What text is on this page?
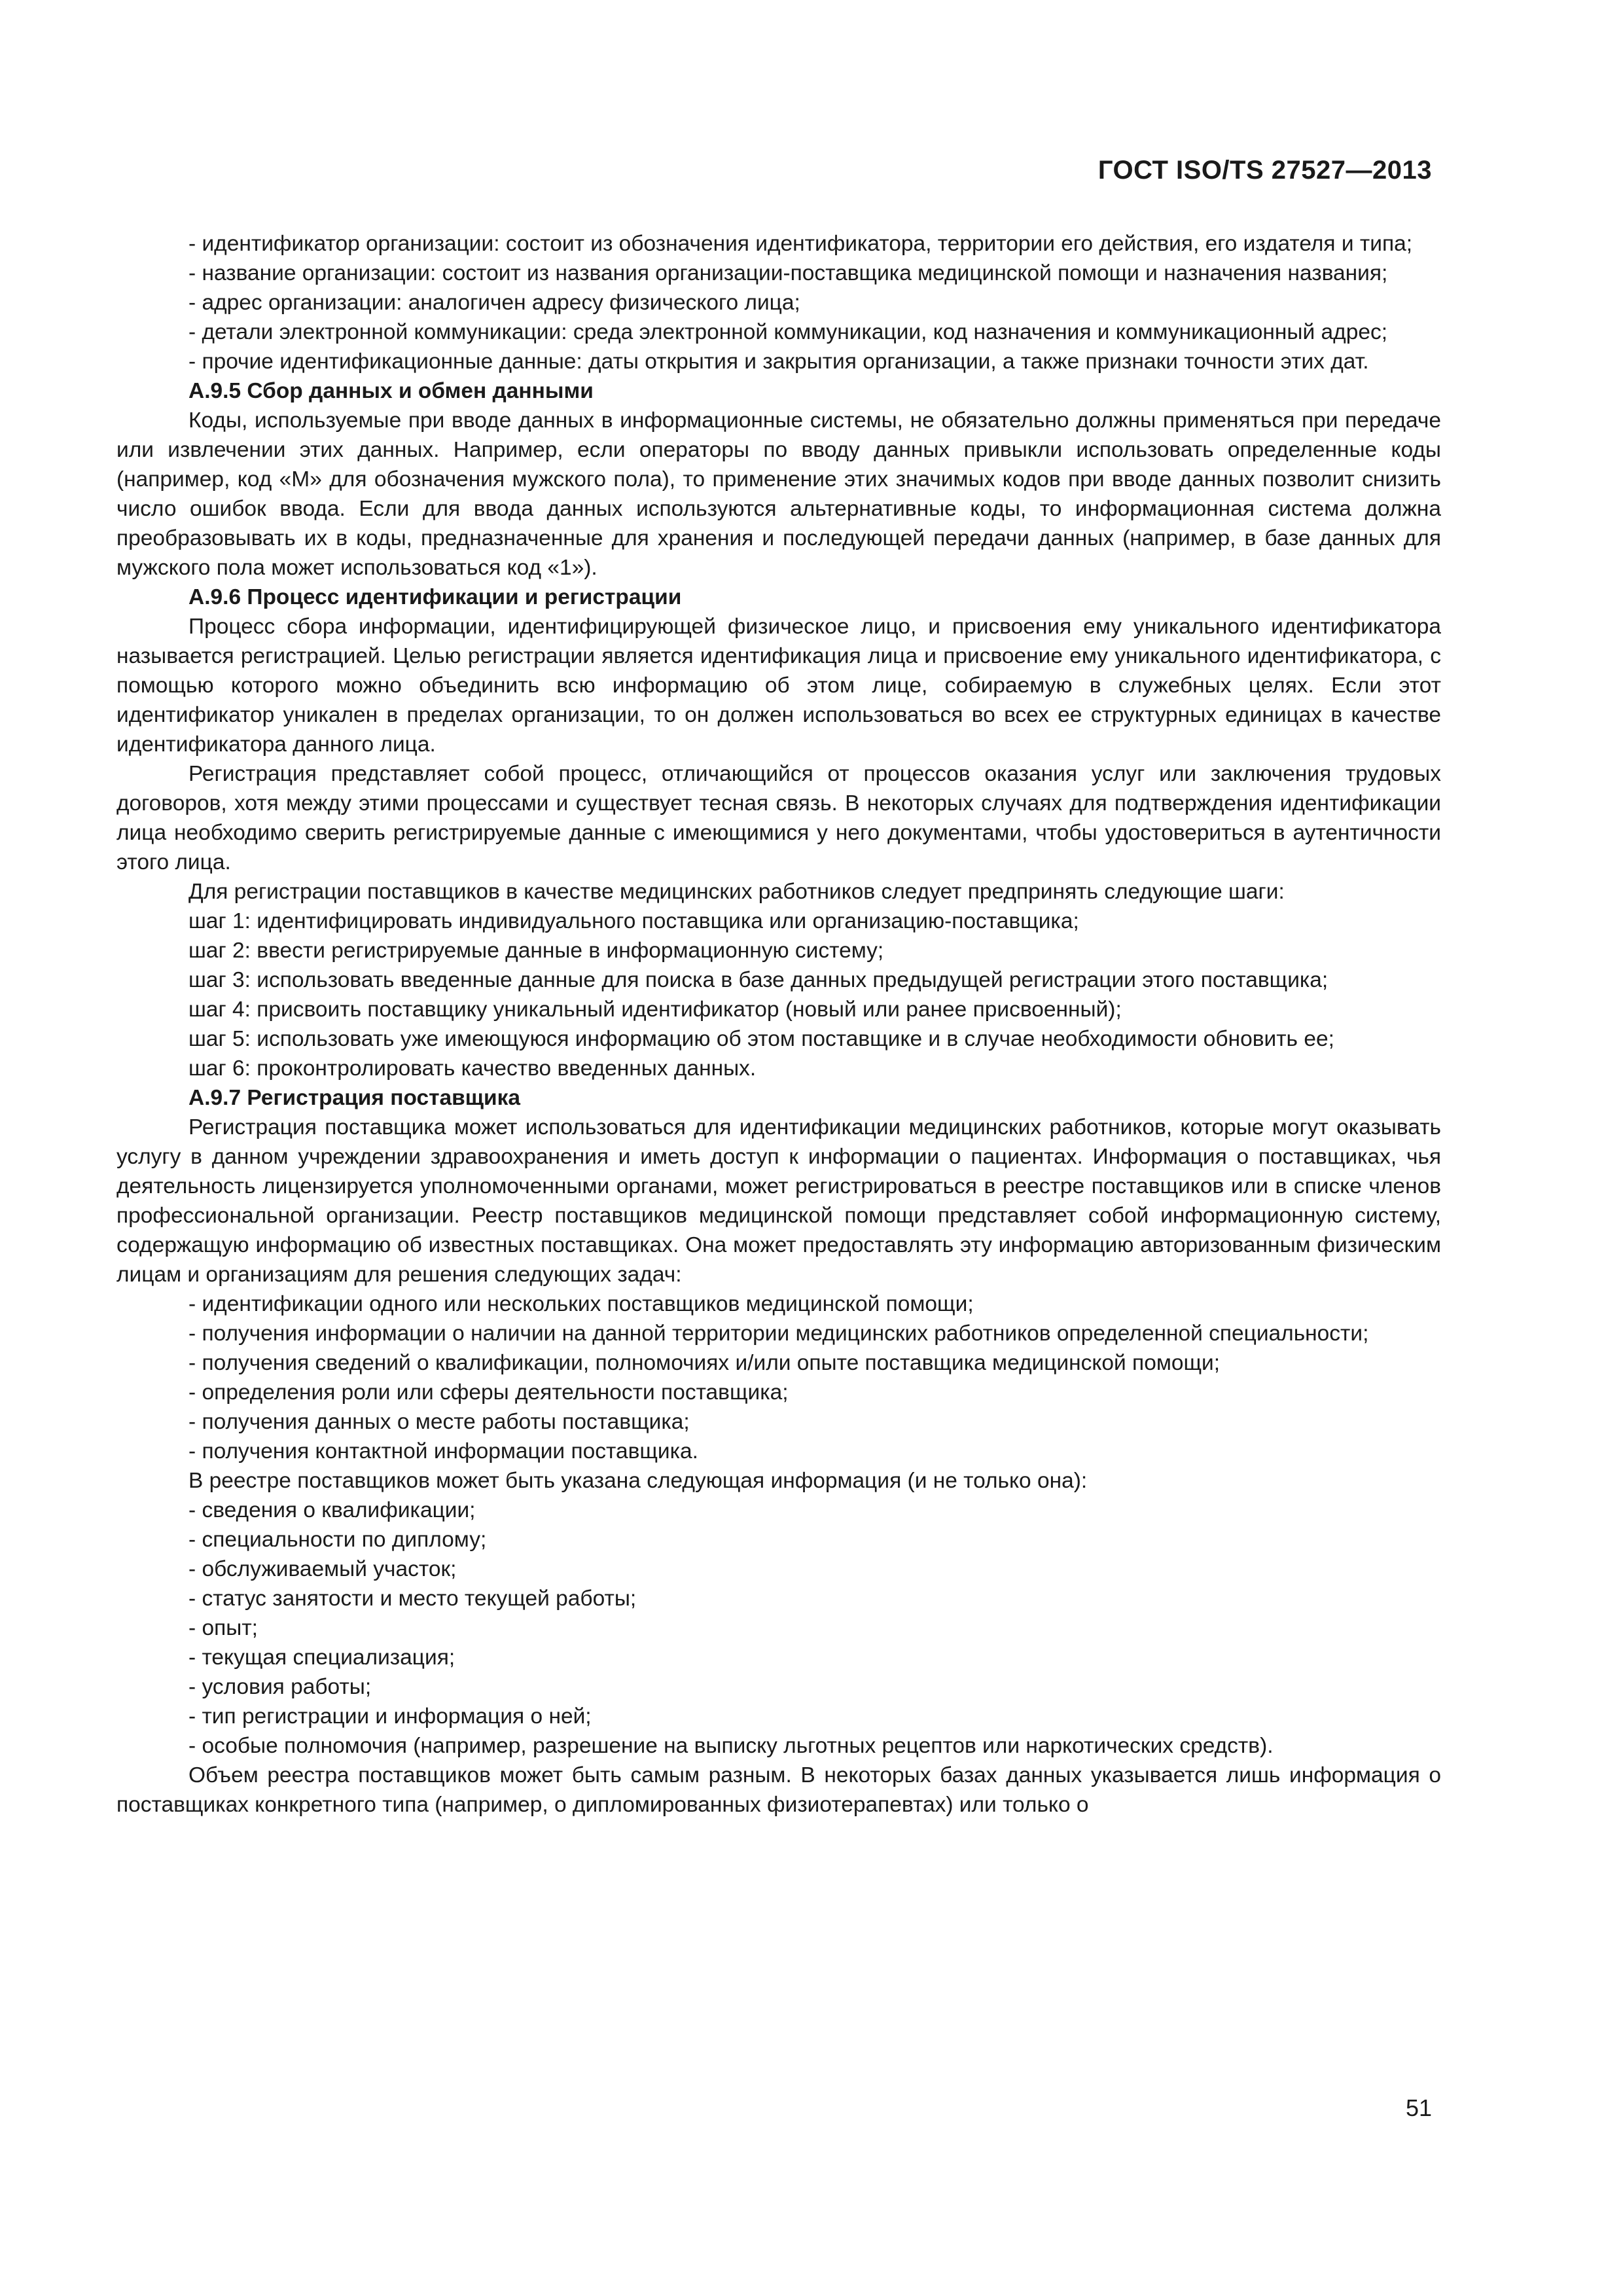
ГОСТ ISO/TS 27527—2013

- идентификатор организации: состоит из обозначения идентификатора, территории его действия, его издателя и типа;

- название организации: состоит из названия организации-поставщика медицинской помощи и назначения названия;

- адрес организации: аналогичен адресу физического лица;

- детали электронной коммуникации: среда электронной коммуникации, код назначения и коммуникационный адрес;

- прочие идентификационные данные: даты открытия и закрытия организации, а также признаки точности этих дат.

А.9.5 Сбор данных и обмен данными

Коды, используемые при вводе данных в информационные системы, не обязательно должны применяться при передаче или извлечении этих данных. Например, если операторы по вводу данных привыкли использовать определенные коды (например, код «М» для обозначения мужского пола), то применение этих значимых кодов при вводе данных позволит снизить число ошибок ввода. Если для ввода данных используются альтернативные коды, то информационная система должна преобразовывать их в коды, предназначенные для хранения и последующей передачи данных (например, в базе данных для мужского пола может использоваться код «1»).

А.9.6 Процесс идентификации и регистрации

Процесс сбора информации, идентифицирующей физическое лицо, и присвоения ему уникального идентификатора называется регистрацией. Целью регистрации является идентификация лица и присвоение ему уникального идентификатора, с помощью которого можно объединить всю информацию об этом лице, собираемую в служебных целях. Если этот идентификатор уникален в пределах организации, то он должен использоваться во всех ее структурных единицах в качестве идентификатора данного лица.

Регистрация представляет собой процесс, отличающийся от процессов оказания услуг или заключения трудовых договоров, хотя между этими процессами и существует тесная связь. В некоторых случаях для подтверждения идентификации лица необходимо сверить регистрируемые данные с имеющимися у него документами, чтобы удостовериться в аутентичности этого лица.

Для регистрации поставщиков в качестве медицинских работников следует предпринять следующие шаги:

шаг 1: идентифицировать индивидуального поставщика или организацию-поставщика;

шаг 2: ввести регистрируемые данные в информационную систему;

шаг 3: использовать введенные данные для поиска в базе данных предыдущей регистрации этого поставщика;

шаг 4: присвоить поставщику уникальный идентификатор (новый или ранее присвоенный);

шаг 5: использовать уже имеющуюся информацию об этом поставщике и в случае необходимости обновить ее;

шаг 6: проконтролировать качество введенных данных.

А.9.7 Регистрация поставщика

Регистрация поставщика может использоваться для идентификации медицинских работников, которые могут оказывать услугу в данном учреждении здравоохранения и иметь доступ к информации о пациентах. Информация о поставщиках, чья деятельность лицензируется уполномоченными органами, может регистрироваться в реестре поставщиков или в списке членов профессиональной организации. Реестр поставщиков медицинской помощи представляет собой информационную систему, содержащую информацию об известных поставщиках. Она может предоставлять эту информацию авторизованным физическим лицам и организациям для решения следующих задач:

- идентификации одного или нескольких поставщиков медицинской помощи;

- получения информации о наличии на данной территории медицинских работников определенной специальности;

- получения сведений о квалификации, полномочиях и/или опыте поставщика медицинской помощи;

- определения роли или сферы деятельности поставщика;

- получения данных о месте работы поставщика;

- получения контактной информации поставщика.

В реестре поставщиков может быть указана следующая информация (и не только она):

- сведения о квалификации;

- специальности по диплому;

- обслуживаемый участок;

- статус занятости и место текущей работы;

- опыт;

- текущая специализация;

- условия работы;

- тип регистрации и информация о ней;

- особые полномочия (например, разрешение на выписку льготных рецептов или наркотических средств).

Объем реестра поставщиков может быть самым разным. В некоторых базах данных указывается лишь информация о поставщиках конкретного типа (например, о дипломированных физиотерапевтах) или только о

51
